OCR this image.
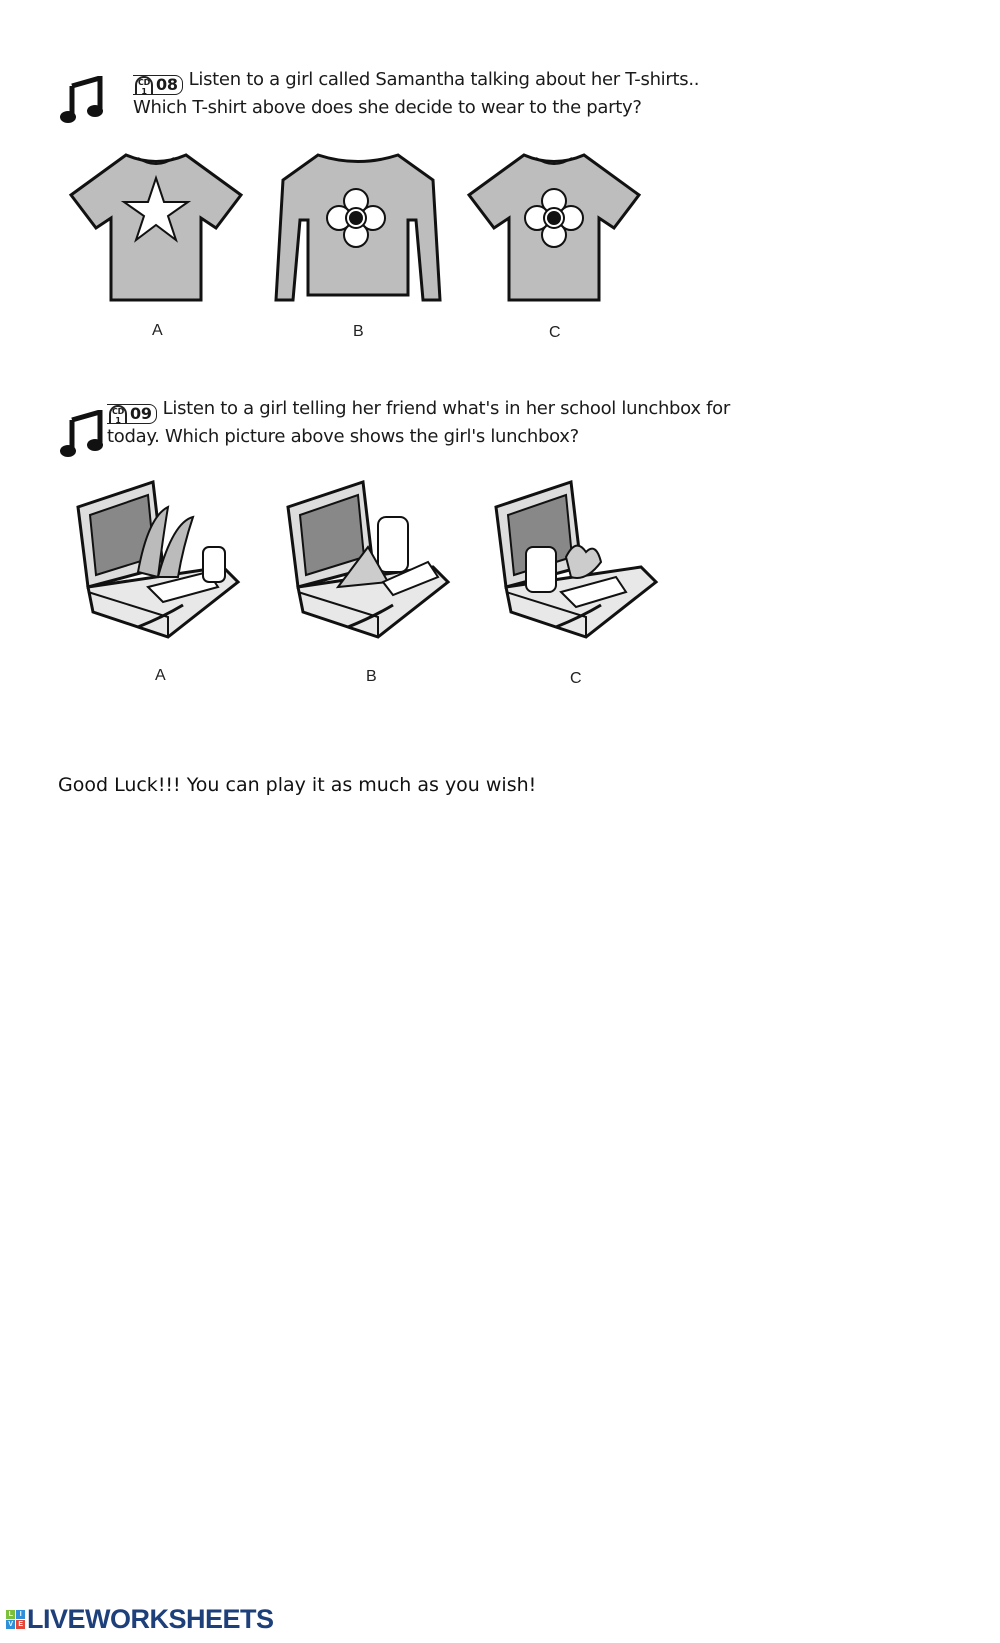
CD 1 08 Listen to a girl called Samantha talking about her T-shirts..
Which T-shirt above does she decide to wear to the party?
A	B	C
CD 1 09 Listen to a girl telling her friend what's in her school lunchbox for
today. Which picture above shows the girl's lunchbox?
A	B	C
Good Luck!!! You can play it as much as you wish!
L	I
V E LIVEWORKSHEETS
